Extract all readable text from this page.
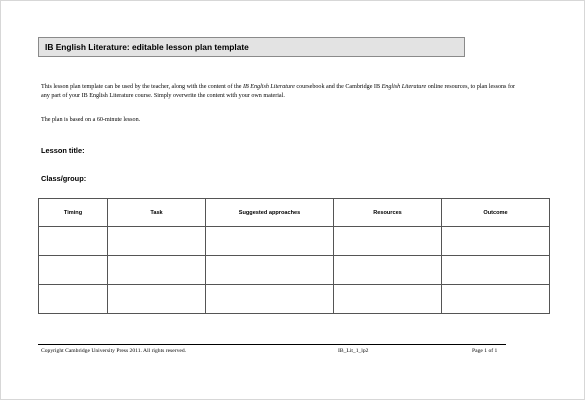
IB English Literature: editable lesson plan template
This lesson plan template can be used by the teacher, along with the content of the IB English Literature coursebook and the Cambridge IB English Literature online resources, to plan lessons for any part of your IB English Literature course. Simply overwrite the content with your own material.
The plan is based on a 60-minute lesson.
Lesson title:
Class/group:
Timing	Task	Suggested approaches	Resources	Outcome

Copyright Cambridge University Press 2011. All rights reserved.	IB_Lit_1_lp2	Page 1 of 1
